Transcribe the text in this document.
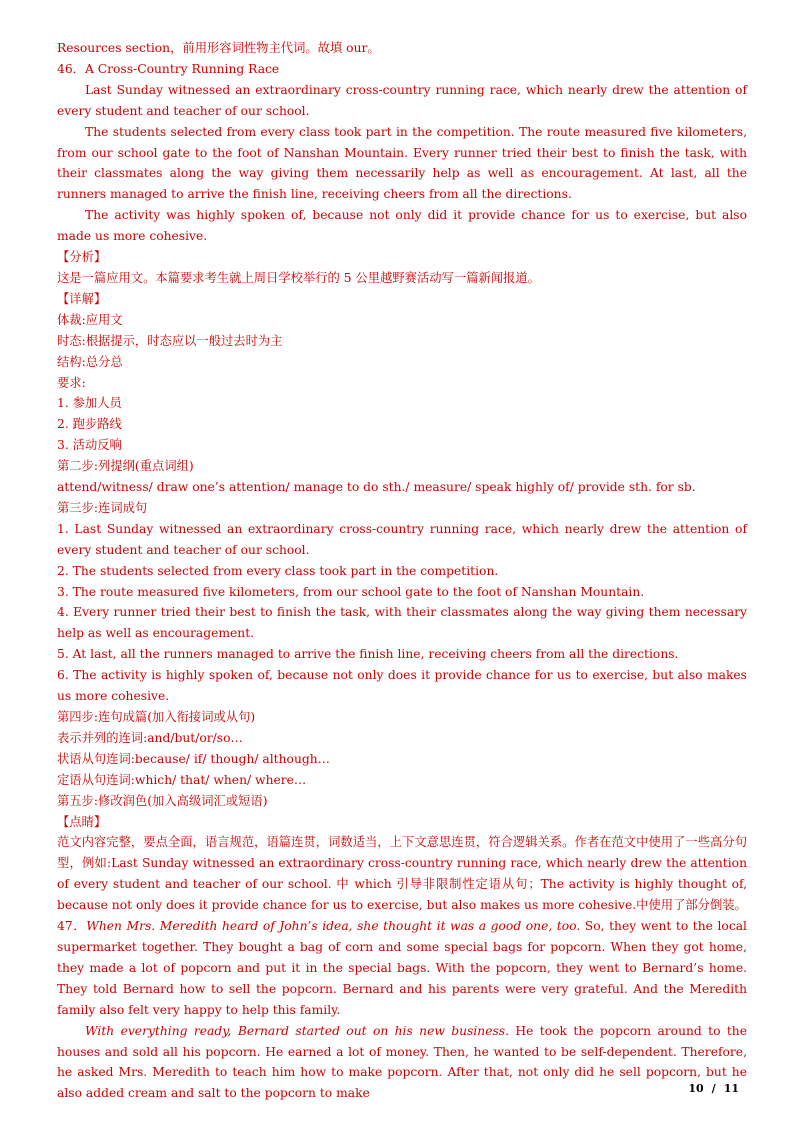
Resources section，前用形容词性物主代词。故填 our。
46．A Cross-Country Running Race
Last Sunday witnessed an extraordinary cross-country running race, which nearly drew the attention of every student and teacher of our school.
The students selected from every class took part in the competition. The route measured five kilometers, from our school gate to the foot of Nanshan Mountain. Every runner tried their best to finish the task, with their classmates along the way giving them necessarily help as well as encouragement. At last, all the runners managed to arrive the finish line, receiving cheers from all the directions.
The activity was highly spoken of, because not only did it provide chance for us to exercise, but also made us more cohesive.
【分析】
这是一篇应用文。本篇要求考生就上周日学校举行的 5 公里越野赛活动写一篇新闻报道。
【详解】
体裁:应用文
时态:根据提示，时态应以一般过去时为主
结构:总分总
要求:
1. 参加人员
2. 跑步路线
3. 活动反响
第二步:列提纲(重点词组)
attend/witness/ draw one’s attention/ manage to do sth./ measure/ speak highly of/ provide sth. for sb.
第三步:连词成句
1. Last Sunday witnessed an extraordinary cross-country running race, which nearly drew the attention of every student and teacher of our school.
2. The students selected from every class took part in the competition.
3. The route measured five kilometers, from our school gate to the foot of Nanshan Mountain.
4. Every runner tried their best to finish the task, with their classmates along the way giving them necessary help as well as encouragement.
5. At last, all the runners managed to arrive the finish line, receiving cheers from all the directions.
6. The activity is highly spoken of, because not only does it provide chance for us to exercise, but also makes us more cohesive.
第四步:连句成篇(加入衔接词或从句)
表示并列的连词:and/but/or/so…
状语从句连词:because/ if/ though/ although…
定语从句连词:which/ that/ when/ where…
第五步:修改润色(加入高级词汇或短语)
【点睛】
范文内容完整，要点全面，语言规范，语篇连贯，词数适当，上下文意思连贯，符合逻辑关系。作者在范文中使用了一些高分句型，例如:Last Sunday witnessed an extraordinary cross-country running race, which nearly drew the attention of every student and teacher of our school. 中 which 引导非限制性定语从句；The activity is highly thought of, because not only does it provide chance for us to exercise, but also makes us more cohesive.中使用了部分倒装。
47．When Mrs. Meredith heard of John’s idea, she thought it was a good one, too. So, they went to the local supermarket together. They bought a bag of corn and some special bags for popcorn. When they got home, they made a lot of popcorn and put it in the special bags. With the popcorn, they went to Bernard’s home. They told Bernard how to sell the popcorn. Bernard and his parents were very grateful. And the Meredith family also felt very happy to help this family.
With everything ready, Bernard started out on his new business. He took the popcorn around to the houses and sold all his popcorn. He earned a lot of money. Then, he wanted to be self-dependent. Therefore, he asked Mrs. Meredith to teach him how to make popcorn. After that, not only did he sell popcorn, but he also added cream and salt to the popcorn to make	10 / 11
